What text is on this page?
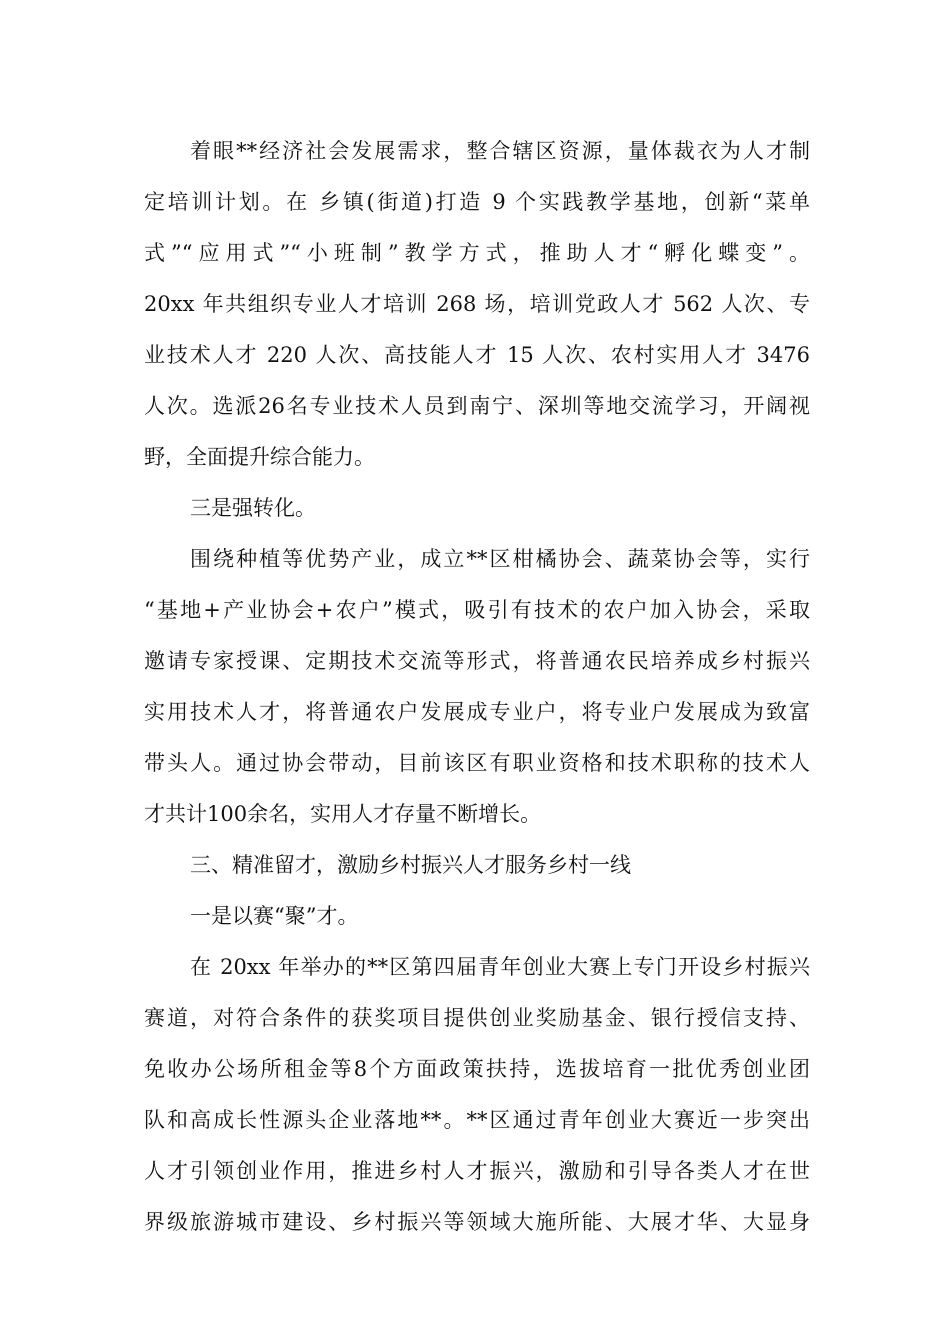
着眼**经济社会发展需求，整合辖区资源，量体裁衣为人才制
定培训计划。在 乡镇(街道)打造 9 个实践教学基地，创新“菜单
式”“应用式”“小班制”教学方式，推助人才“孵化蝶变”。
20xx 年共组织专业人才培训 268 场，培训党政人才 562 人次、专
业技术人才 220 人次、高技能人才 15 人次、农村实用人才 3476
人次。选派26名专业技术人员到南宁、深圳等地交流学习，开阔视
野，全面提升综合能力。
三是强转化。
围绕种植等优势产业，成立**区柑橘协会、蔬菜协会等，实行
“基地+产业协会+农户”模式，吸引有技术的农户加入协会，采取
邀请专家授课、定期技术交流等形式，将普通农民培养成乡村振兴
实用技术人才，将普通农户发展成专业户，将专业户发展成为致富
带头人。通过协会带动，目前该区有职业资格和技术职称的技术人
才共计100余名，实用人才存量不断增长。
三、精准留才，激励乡村振兴人才服务乡村一线
一是以赛“聚”才。
在 20xx 年举办的**区第四届青年创业大赛上专门开设乡村振兴
赛道，对符合条件的获奖项目提供创业奖励基金、银行授信支持、
免收办公场所租金等8个方面政策扶持，选拔培育一批优秀创业团
队和高成长性源头企业落地**。**区通过青年创业大赛近一步突出
人才引领创业作用，推进乡村人才振兴，激励和引导各类人才在世
界级旅游城市建设、乡村振兴等领域大施所能、大展才华、大显身
